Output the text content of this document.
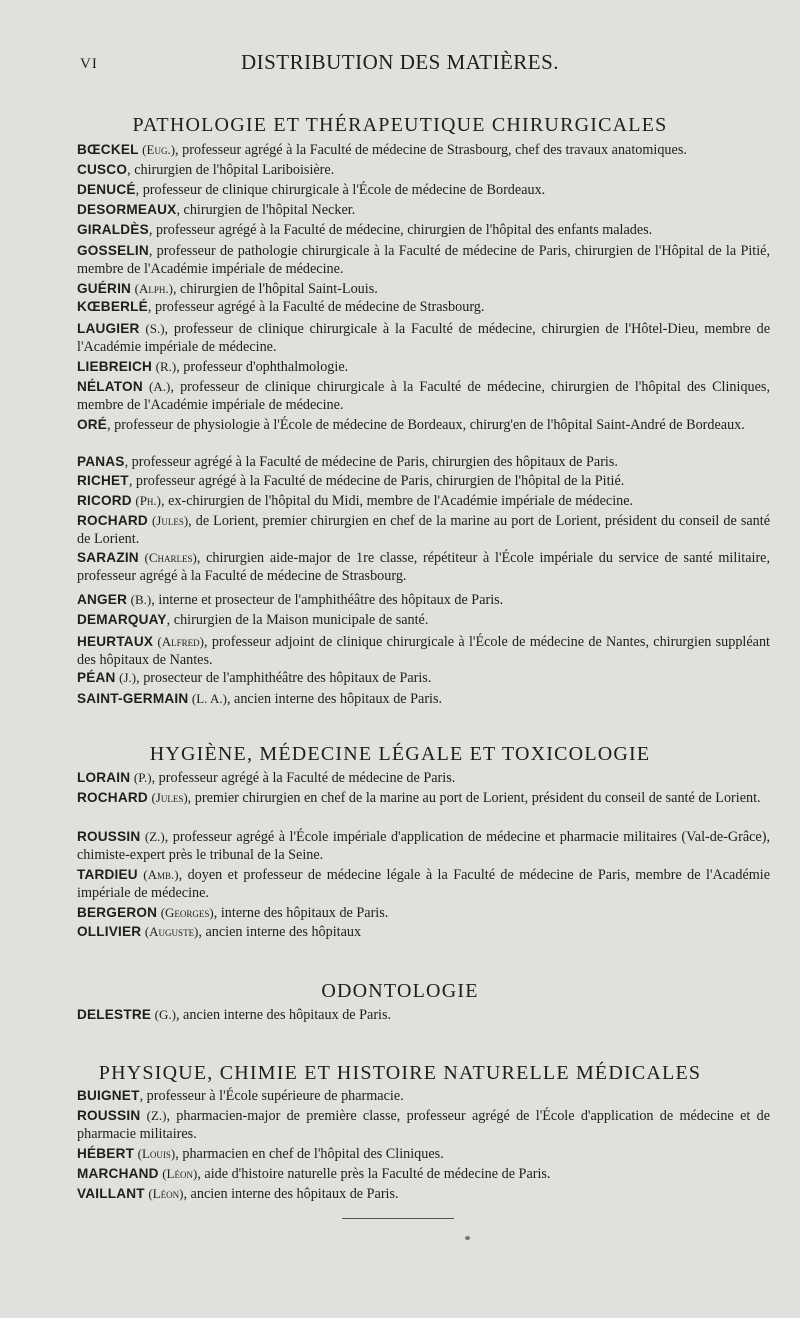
VI	DISTRIBUTION DES MATIÈRES.
PATHOLOGIE ET THÉRAPEUTIQUE CHIRURGICALES
BŒCKEL (Eug.), professeur agrégé à la Faculté de médecine de Strasbourg, chef des travaux anatomiques.
CUSCO, chirurgien de l'hôpital Lariboisière.
DENUCÉ, professeur de clinique chirurgicale à l'École de médecine de Bordeaux.
DESORMEAUX, chirurgien de l'hôpital Necker.
GIRALDÈS, professeur agrégé à la Faculté de médecine, chirurgien de l'hôpital des enfants malades.
GOSSELIN, professeur de pathologie chirurgicale à la Faculté de médecine de Paris, chirurgien de l'Hôpital de la Pitié, membre de l'Académie impériale de médecine.
GUÉRIN (Alph.), chirurgien de l'hôpital Saint-Louis.
KŒBERLÉ, professeur agrégé à la Faculté de médecine de Strasbourg.
LAUGIER (S.), professeur de clinique chirurgicale à la Faculté de médecine, chirurgien de l'Hôtel-Dieu, membre de l'Académie impériale de médecine.
LIEBREICH (R.), professeur d'ophthalmologie.
NÉLATON (A.), professeur de clinique chirurgicale à la Faculté de médecine, chirurgien de l'hôpital des Cliniques, membre de l'Académie impériale de médecine.
ORÉ, professeur de physiologie à l'École de médecine de Bordeaux, chirurg'en de l'hôpital Saint-André de Bordeaux.
PANAS, professeur agrégé à la Faculté de médecine de Paris, chirurgien des hôpitaux de Paris.
RICHET, professeur agrégé à la Faculté de médecine de Paris, chirurgien de l'hôpital de la Pitié.
RICORD (Ph.), ex-chirurgien de l'hôpital du Midi, membre de l'Académie impériale de médecine.
ROCHARD (Jules), de Lorient, premier chirurgien en chef de la marine au port de Lorient, président du conseil de santé de Lorient.
SARAZIN (Charles), chirurgien aide-major de 1re classe, répétiteur à l'École impériale du service de santé militaire, professeur agrégé à la Faculté de médecine de Strasbourg.
ANGER (B.), interne et prosecteur de l'amphithéâtre des hôpitaux de Paris.
DEMARQUAY, chirurgien de la Maison municipale de santé.
HEURTAUX (Alfred), professeur adjoint de clinique chirurgicale à l'École de médecine de Nantes, chirurgien suppléant des hôpitaux de Nantes.
PÉAN (J.), prosecteur de l'amphithéâtre des hôpitaux de Paris.
SAINT-GERMAIN (L. A.), ancien interne des hôpitaux de Paris.
HYGIÈNE, MÉDECINE LÉGALE ET TOXICOLOGIE
LORAIN (P.), professeur agrégé à la Faculté de médecine de Paris.
ROCHARD (Jules), premier chirurgien en chef de la marine au port de Lorient, président du conseil de santé de Lorient.
ROUSSIN (Z.), professeur agrégé à l'École impériale d'application de médecine et pharmacie militaires (Val-de-Grâce), chimiste-expert près le tribunal de la Seine.
TARDIEU (Amb.), doyen et professeur de médecine légale à la Faculté de médecine de Paris, membre de l'Académie impériale de médecine.
BERGERON (Georges), interne des hôpitaux de Paris.
OLLIVIER (Auguste), ancien interne des hôpitaux
ODONTOLOGIE
DELESTRE (G.), ancien interne des hôpitaux de Paris.
PHYSIQUE, CHIMIE ET HISTOIRE NATURELLE MÉDICALES
BUIGNET, professeur à l'École supérieure de pharmacie.
ROUSSIN (Z.), pharmacien-major de première classe, professeur agrégé de l'École d'application de médecine et de pharmacie militaires.
HÉBERT (Louis), pharmacien en chef de l'hôpital des Cliniques.
MARCHAND (Léon), aide d'histoire naturelle près la Faculté de médecine de Paris.
VAILLANT (Léon), ancien interne des hôpitaux de Paris.
